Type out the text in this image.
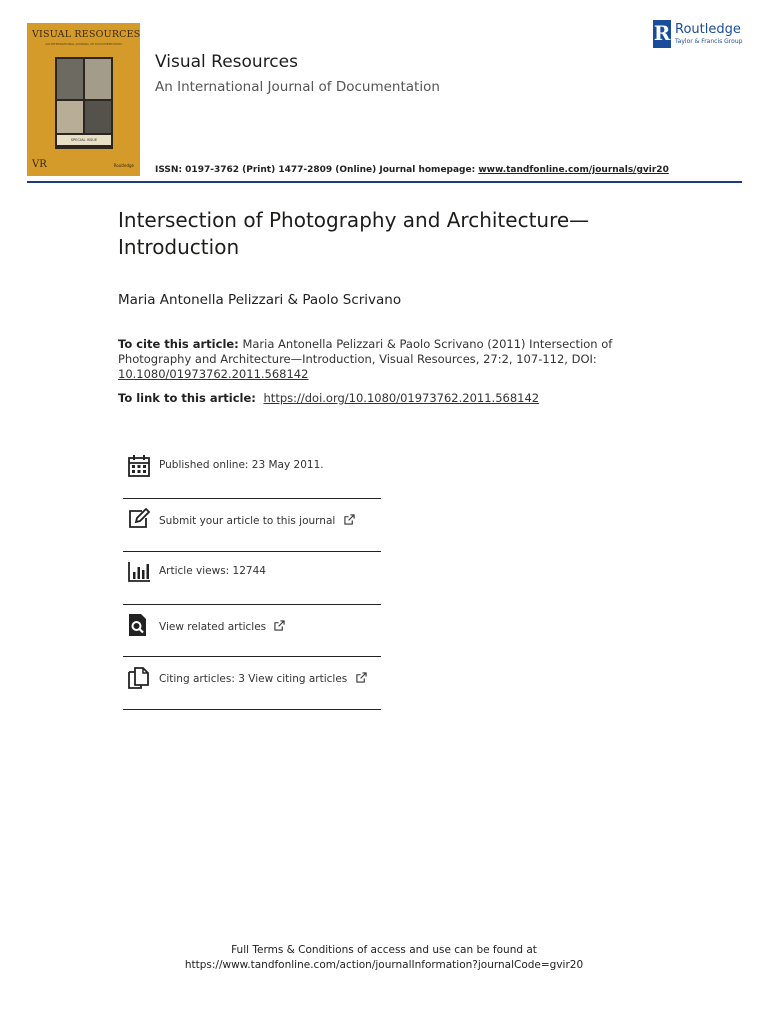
VISUAL RESOURCES
AN INTERNATIONAL JOURNAL OF DOCUMENTATION
SPECIAL ISSUE
VR	Routledge
Visual Resources
An International Journal of Documentation
ISSN: 0197-3762 (Print) 1477-2809 (Online) Journal homepage: www.tandfonline.com/journals/gvir20
R Routledge
Taylor & Francis Group
Intersection of Photography and Architecture—
Introduction
Maria Antonella Pelizzari & Paolo Scrivano
To cite this article: Maria Antonella Pelizzari & Paolo Scrivano (2011) Intersection of Photography and Architecture—Introduction, Visual Resources, 27:2, 107-112, DOI: 10.1080/01973762.2011.568142
To link to this article: https://doi.org/10.1080/01973762.2011.568142
Published online: 23 May 2011.
Submit your article to this journal
Article views: 12744
View related articles
Citing articles: 3 View citing articles
Full Terms & Conditions of access and use can be found at
https://www.tandfonline.com/action/journalInformation?journalCode=gvir20
